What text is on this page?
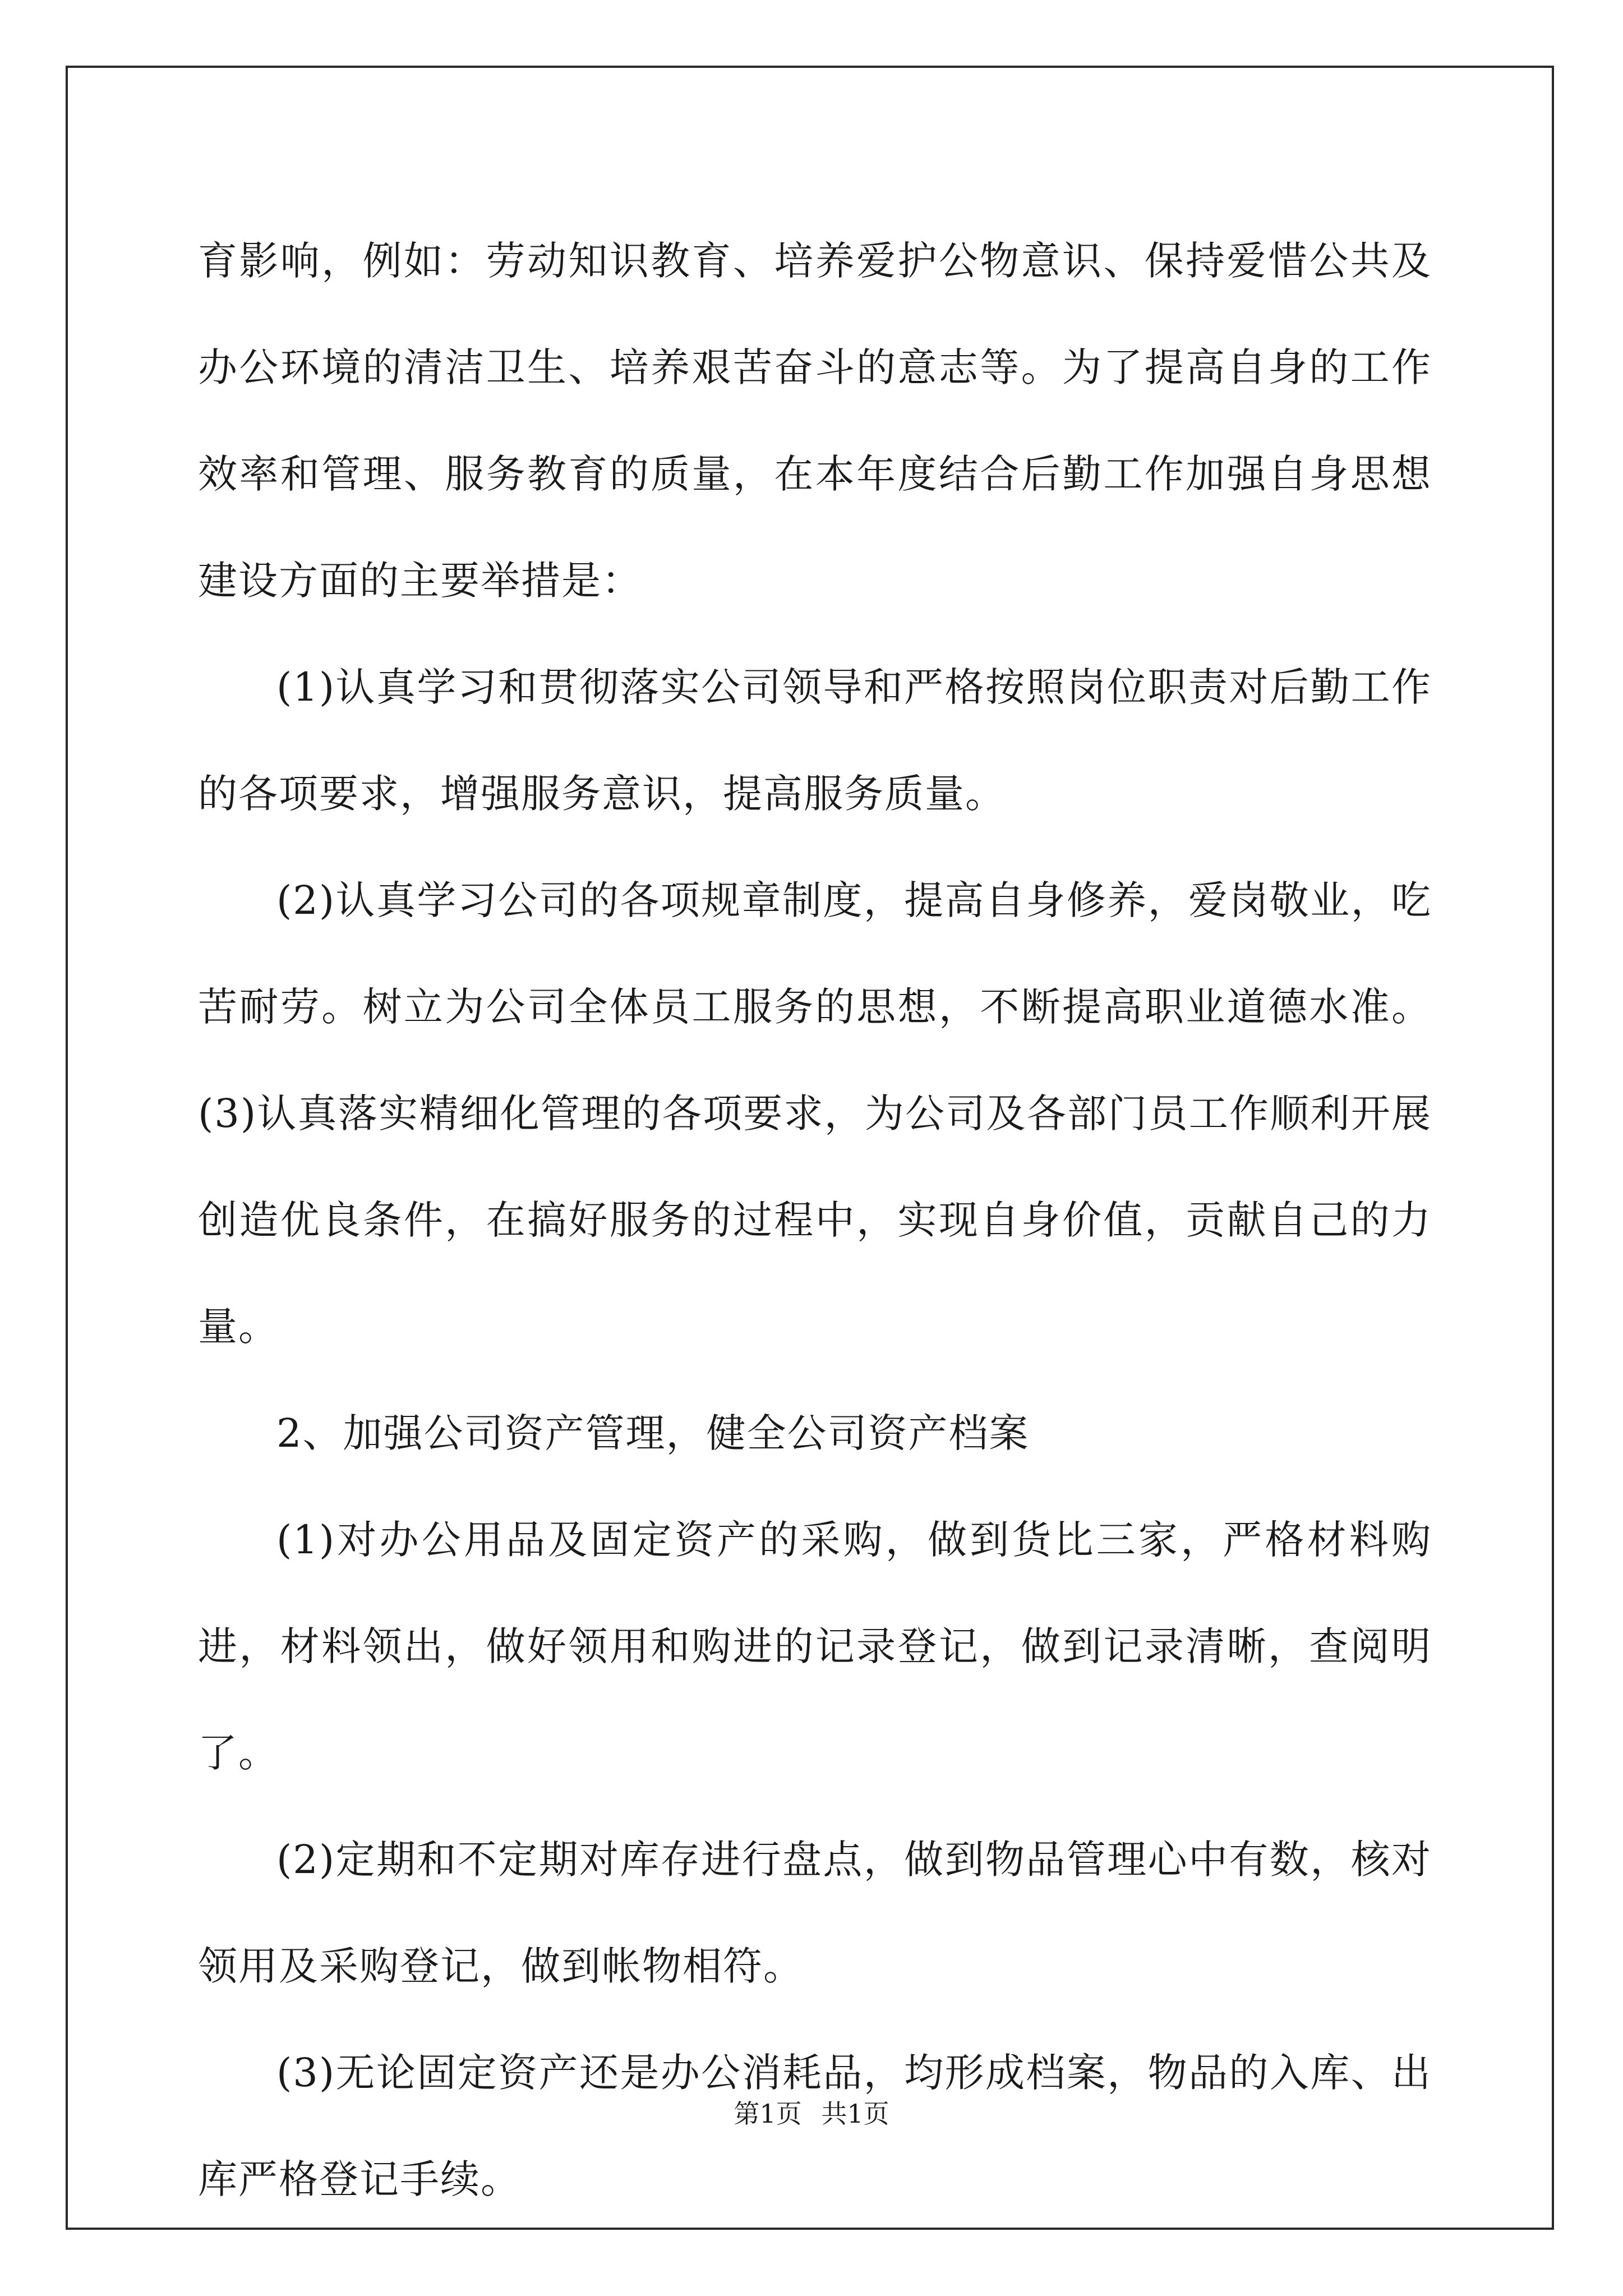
育影响，例如：劳动知识教育、培养爱护公物意识、保持爱惜公共及办公环境的清洁卫生、培养艰苦奋斗的意志等。为了提高自身的工作效率和管理、服务教育的质量，在本年度结合后勤工作加强自身思想建设方面的主要举措是：

(1)认真学习和贯彻落实公司领导和严格按照岗位职责对后勤工作的各项要求，增强服务意识，提高服务质量。

(2)认真学习公司的各项规章制度，提高自身修养，爱岗敬业，吃苦耐劳。树立为公司全体员工服务的思想，不断提高职业道德水准。(3)认真落实精细化管理的各项要求，为公司及各部门员工作顺利开展创造优良条件，在搞好服务的过程中，实现自身价值，贡献自己的力量。

2、加强公司资产管理，健全公司资产档案

(1)对办公用品及固定资产的采购，做到货比三家，严格材料购进，材料领出，做好领用和购进的记录登记，做到记录清晰，查阅明了。

(2)定期和不定期对库存进行盘点，做到物品管理心中有数，核对领用及采购登记，做到帐物相符。

(3)无论固定资产还是办公消耗品，均形成档案，物品的入库、出库严格登记手续。

第1页 共1页
